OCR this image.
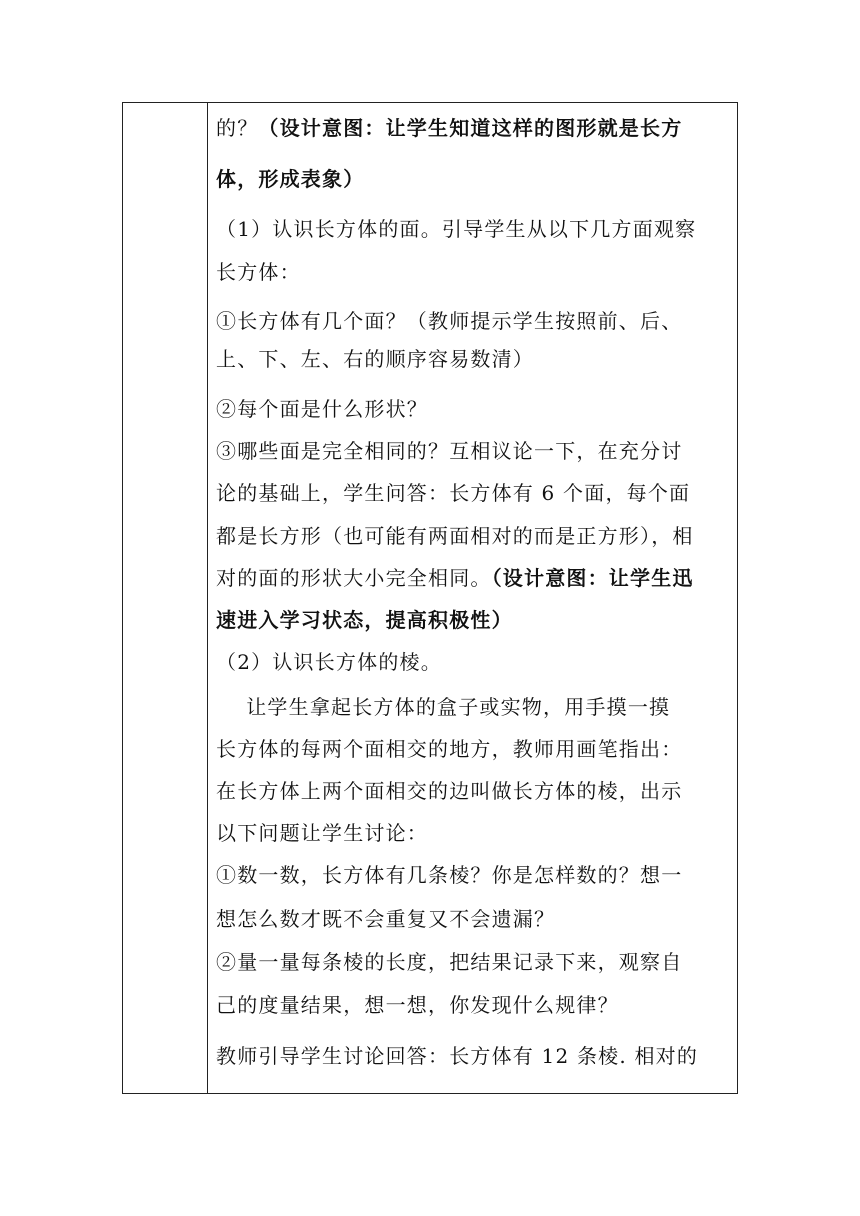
的？（设计意图：让学生知道这样的图形就是长方
体，形成表象）
（1）认识长方体的面。引导学生从以下几方面观察
长方体：
①长方体有几个面？（教师提示学生按照前、后、
上、下、左、右的顺序容易数清）
②每个面是什么形状？
③哪些面是完全相同的？互相议论一下，在充分讨
论的基础上，学生问答：长方体有 6 个面，每个面
都是长方形（也可能有两面相对的而是正方形），相
对的面的形状大小完全相同。（设计意图：让学生迅
速进入学习状态，提高积极性）
（2）认识长方体的棱。
让学生拿起长方体的盒子或实物，用手摸一摸
长方体的每两个面相交的地方，教师用画笔指出：
在长方体上两个面相交的边叫做长方体的棱，出示
以下问题让学生讨论：
①数一数，长方体有几条棱？你是怎样数的？想一
想怎么数才既不会重复又不会遗漏？
②量一量每条棱的长度，把结果记录下来，观察自
己的度量结果，想一想，你发现什么规律？
教师引导学生讨论回答：长方体有 12 条棱. 相对的
